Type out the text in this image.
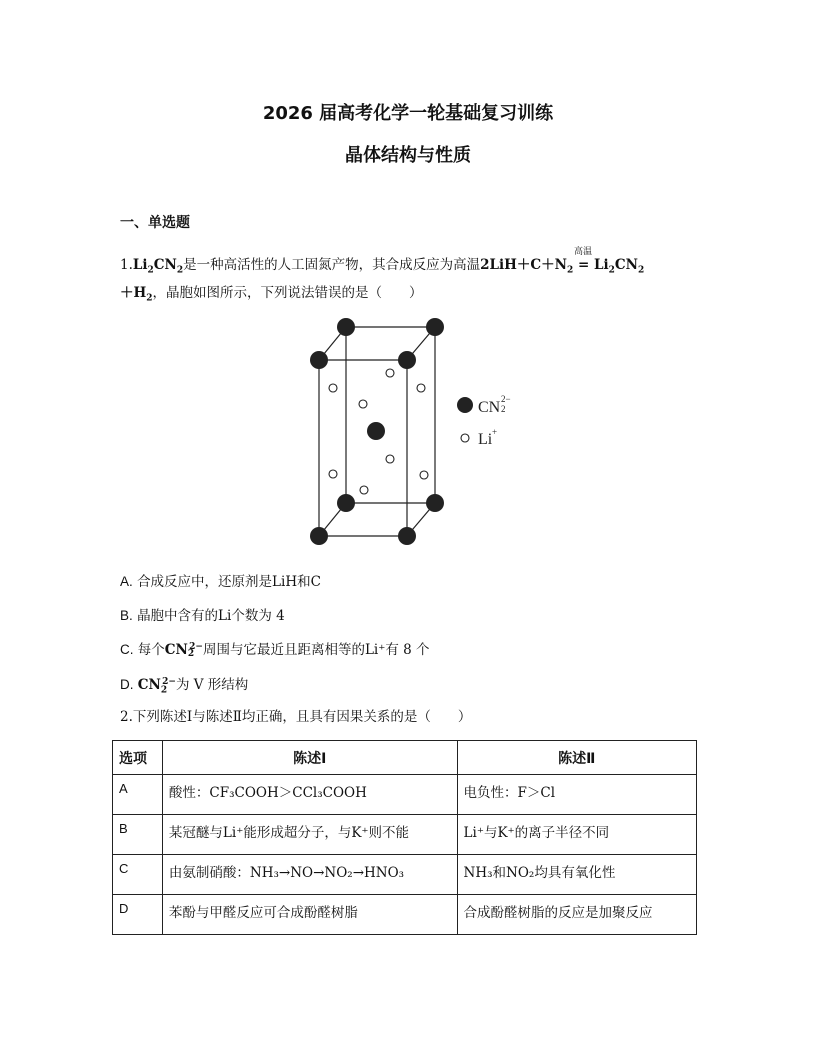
2026 届高考化学一轮基础复习训练
晶体结构与性质
一、单选题
$1.Li_2CN_2$是一种高活性的人工固氮产物，其合成反应为高温$2LiH+C+N_2$
高温
= $Li_2CN_2$
$+H_2$，晶胞如图所示，下列说法错误的是（　　）
CN 2
2−
Li +
A. 合成反应中，还原剂是LiH和C
B. 晶胞中含有的Li个数为 4
C. 每个$CN_2^{2-}$周围与它最近且距离相等的Li⁺有 8 个
D. $CN_2^{2-}$为 V 形结构
2.下列陈述Ⅰ与陈述Ⅱ均正确，且具有因果关系的是（　　）
选项	陈述Ⅰ	陈述Ⅱ
A	酸性：CF₃COOH＞CCl₃COOH	电负性：F＞Cl
B	某冠醚与Li⁺能形成超分子，与K⁺则不能	Li⁺与K⁺的离子半径不同
C	由氨制硝酸：NH₃→NO→NO₂→HNO₃	NH₃和NO₂均具有氧化性
D	苯酚与甲醛反应可合成酚醛树脂	合成酚醛树脂的反应是加聚反应
